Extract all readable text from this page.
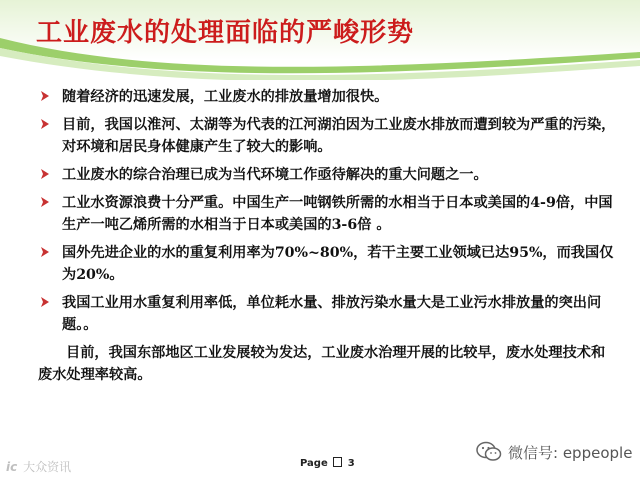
工业废水的处理面临的严峻形势
随着经济的迅速发展，工业废水的排放量增加很快。
目前，我国以淮河、太湖等为代表的江河湖泊因为工业废水排放而遭到较为严重的污染，对环境和居民身体健康产生了较大的影响。
工业废水的综合治理已成为当代环境工作亟待解决的重大问题之一。
工业水资源浪费十分严重。中国生产一吨钢铁所需的水相当于日本或美国的4-9倍，中国生产一吨乙烯所需的水相当于日本或美国的3-6倍 。
国外先进企业的水的重复利用率为70%~80%，若干主要工业领域已达95%，而我国仅为20%。
我国工业用水重复利用率低，单位耗水量、排放污染水量大是工业污水排放量的突出问题。。
目前，我国东部地区工业发展较为发达，工业废水治理开展的比较早，废水处理技术和废水处理率较高。
Page 3
ic 大众资讯
微信号: eppeople
